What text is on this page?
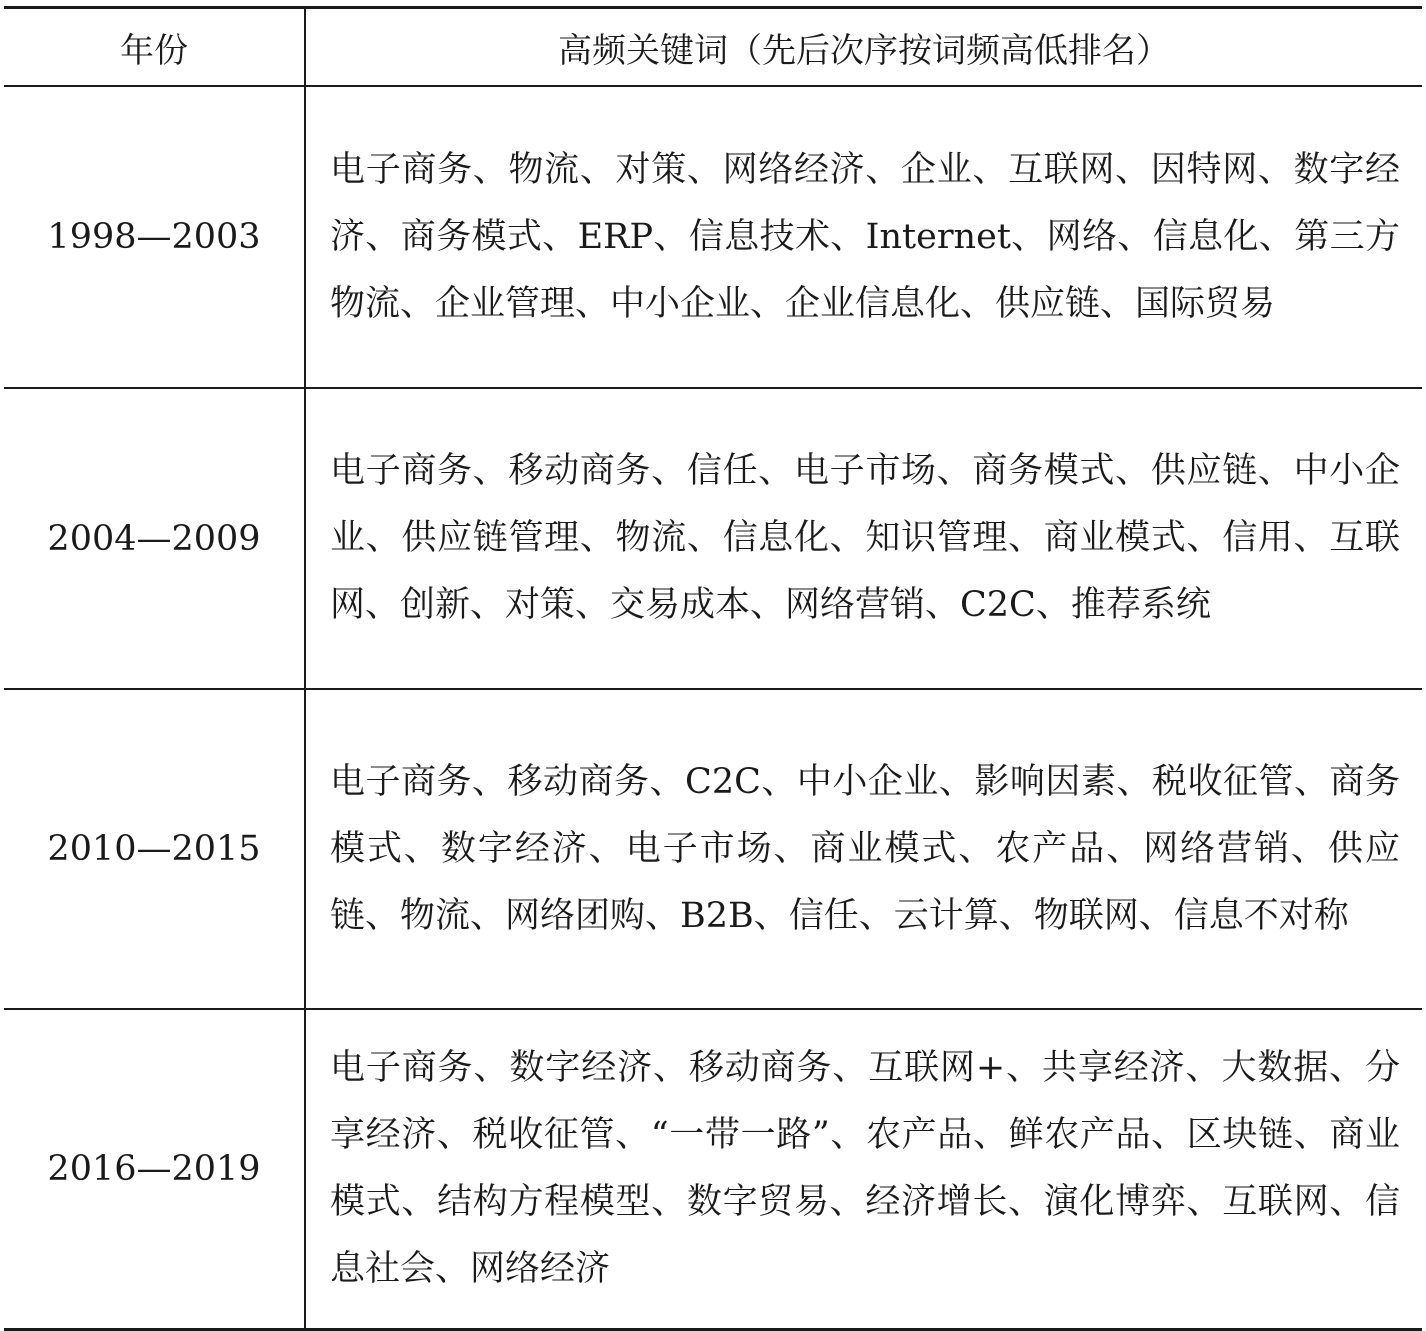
年份	高频关键词（先后次序按词频高低排名）
1998—2003	电子商务、物流、对策、网络经济、企业、互联网、因特网、数字经济、商务模式、ERP、信息技术、Internet、网络、信息化、第三方物流、企业管理、中小企业、企业信息化、供应链、国际贸易
2004—2009	电子商务、移动商务、信任、电子市场、商务模式、供应链、中小企业、供应链管理、物流、信息化、知识管理、商业模式、信用、互联网、创新、对策、交易成本、网络营销、C2C、推荐系统
2010—2015	电子商务、移动商务、C2C、中小企业、影响因素、税收征管、商务模式、数字经济、电子市场、商业模式、农产品、网络营销、供应链、物流、网络团购、B2B、信任、云计算、物联网、信息不对称
2016—2019	电子商务、数字经济、移动商务、互联网+、共享经济、大数据、分享经济、税收征管、“一带一路”、农产品、鲜农产品、区块链、商业模式、结构方程模型、数字贸易、经济增长、演化博弈、互联网、信息社会、网络经济
